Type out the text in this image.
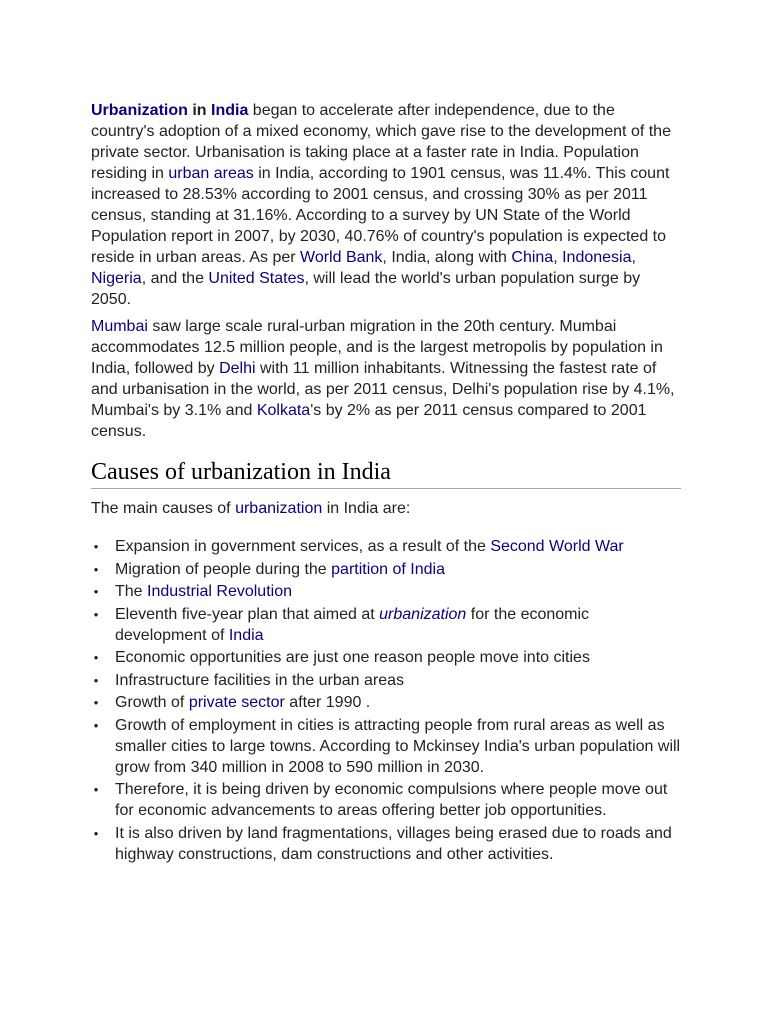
Urbanization in India began to accelerate after independence, due to the country's adoption of a mixed economy, which gave rise to the development of the private sector. Urbanisation is taking place at a faster rate in India. Population residing in urban areas in India, according to 1901 census, was 11.4%. This count increased to 28.53% according to 2001 census, and crossing 30% as per 2011 census, standing at 31.16%. According to a survey by UN State of the World Population report in 2007, by 2030, 40.76% of country's population is expected to reside in urban areas. As per World Bank, India, along with China, Indonesia, Nigeria, and the United States, will lead the world's urban population surge by 2050.

Mumbai saw large scale rural-urban migration in the 20th century. Mumbai accommodates 12.5 million people, and is the largest metropolis by population in India, followed by Delhi with 11 million inhabitants. Witnessing the fastest rate of and urbanisation in the world, as per 2011 census, Delhi's population rise by 4.1%, Mumbai's by 3.1% and Kolkata's by 2% as per 2011 census compared to 2001 census.

Causes of urbanization in India

The main causes of urbanization in India are:

•
Expansion in government services, as a result of the Second World War
•
Migration of people during the partition of India
•
The Industrial Revolution
•
Eleventh five-year plan that aimed at urbanization for the economic development of India
•
Economic opportunities are just one reason people move into cities
•
Infrastructure facilities in the urban areas
•
Growth of private sector after 1990 .
•
Growth of employment in cities is attracting people from rural areas as well as smaller cities to large towns. According to Mckinsey India's urban population will grow from 340 million in 2008 to 590 million in 2030.
•
Therefore, it is being driven by economic compulsions where people move out for economic advancements to areas offering better job opportunities.
•
It is also driven by land fragmentations, villages being erased due to roads and highway constructions, dam constructions and other activities.
